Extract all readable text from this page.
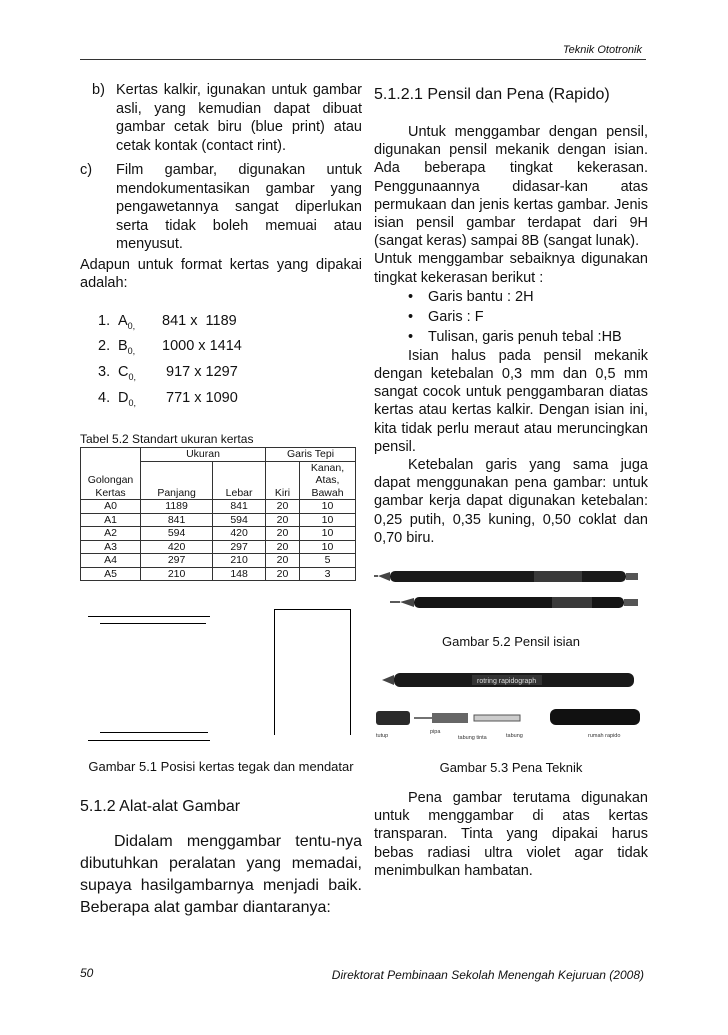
Teknik Ototronik
b) Kertas kalkir, igunakan untuk gambar asli, yang kemudian dapat dibuat gambar cetak biru (blue print) atau cetak kontak (contact rint).
c)	Film gambar, digunakan untuk mendokumentasikan gambar yang pengawetannya sangat diperlukan serta tidak boleh memuai atau menyusut.

Adapun untuk format kertas yang dipakai adalah:

1. $A_{0,}$	841 x  1189
2. $B_{0,}$	1000 x 1414
3. $C_{0,}$	917 x 1297
4. $D_{0,}$	771 x 1090
Tabel 5.2 Standart ukuran kertas
Golongan Kertas	Ukuran		Garis Tepi	
	Panjang	Lebar	Kiri	Kanan, Atas, Bawah
A0	1189	841	20	10
A1	841	594	20	10
A2	594	420	20	10
A3	420	297	20	10
A4	297	210	20	5
A5	210	148	20	3
Gambar 5.1 Posisi kertas tegak dan mendatar
5.1.2 Alat-alat Gambar

Didalam menggambar tentu-nya dibutuhkan peralatan yang memadai, supaya hasilgambarnya menjadi baik. Beberapa alat gambar diantaranya:

5.1.2.1 Pensil dan Pena (Rapido)

Untuk menggambar dengan pensil, digunakan pensil mekanik dengan isian. Ada beberapa tingkat kekerasan. Penggunaannya didasar-kan atas permukaan dan jenis kertas gambar. Jenis isian pensil gambar terdapat dari 9H (sangat keras) sampai 8B (sangat lunak).

Untuk menggambar sebaiknya digunakan tingkat kekerasan berikut :

•	Garis bantu : 2H
•	Garis : F
•	Tulisan, garis penuh tebal :HB

Isian halus pada pensil mekanik dengan ketebalan 0,3 mm dan 0,5 mm sangat cocok untuk penggambaran diatas kertas atau kertas kalkir. Dengan isian ini, kita tidak perlu meraut atau meruncingkan pensil.

Ketebalan garis yang sama juga dapat menggunakan pena gambar: untuk gambar kerja dapat digunakan ketebalan: 0,25 putih, 0,35 kuning, 0,50 coklat dan 0,70 biru.

Gambar 5.2 Pensil isian
rotring rapidograph
tutup
pipa
tabung tinta	tabung	rumah rapido
Gambar 5.3 Pena Teknik

Pena gambar terutama digunakan untuk menggambar di atas kertas transparan. Tinta yang dipakai harus bebas radiasi ultra violet agar tidak menimbulkan hambatan.

50	Direktorat Pembinaan Sekolah Menengah Kejuruan (2008)
